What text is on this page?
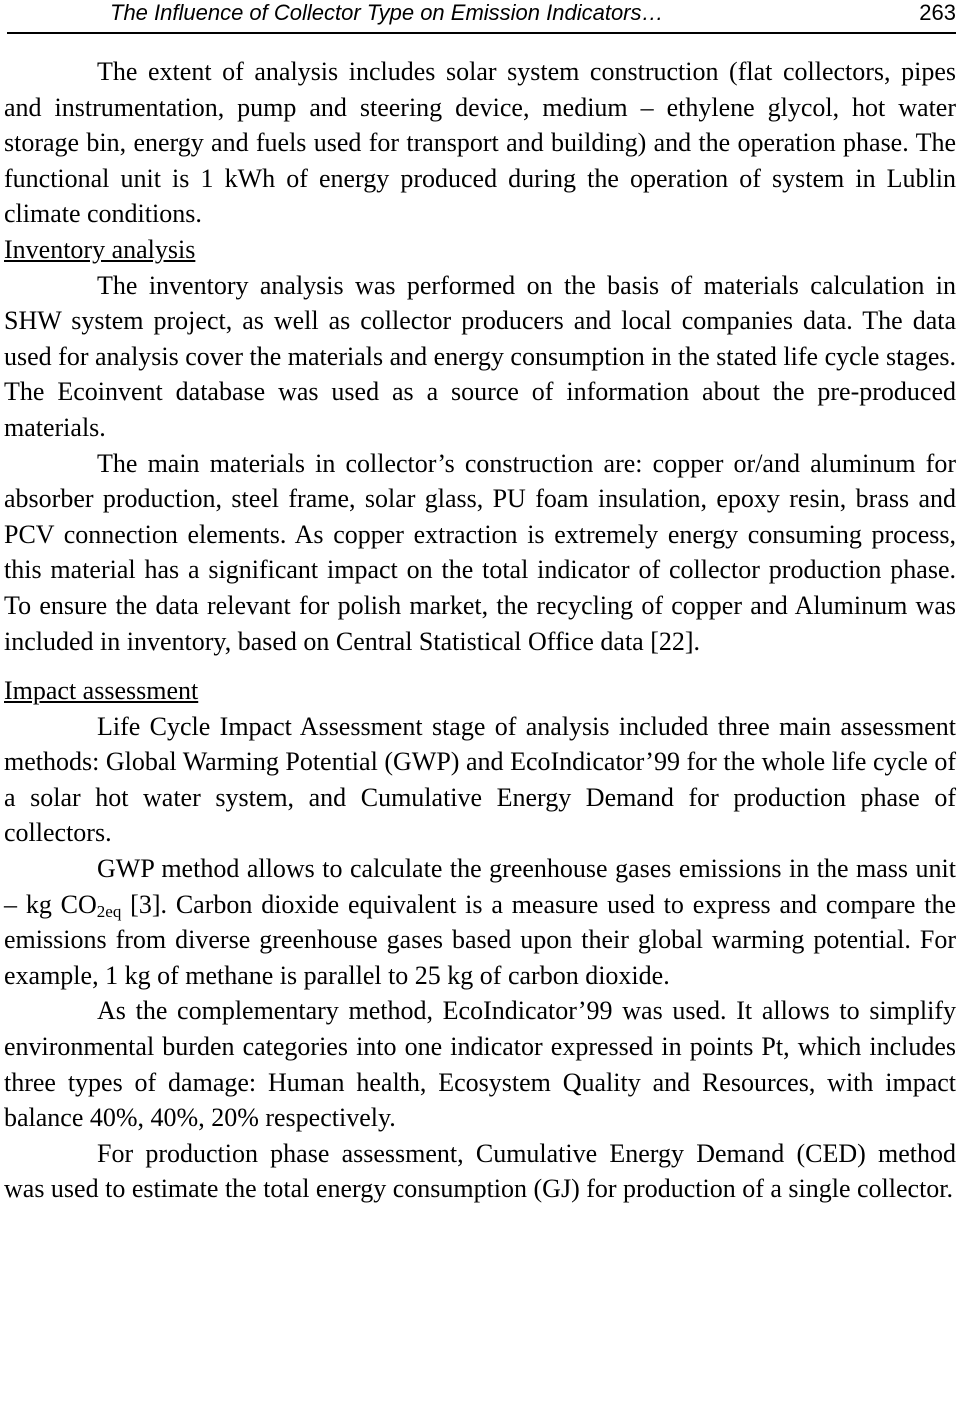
The Influence of Collector Type on Emission Indicators…	263

The extent of analysis includes solar system construction (flat collectors, pipes and instrumentation, pump and steering device, medium – ethylene glycol, hot water storage bin, energy and fuels used for transport and building) and the operation phase. The functional unit is 1 kWh of energy produced during the operation of system in Lublin climate conditions.

Inventory analysis

The inventory analysis was performed on the basis of materials calculation in SHW system project, as well as collector producers and local companies data. The data used for analysis cover the materials and energy consumption in the stated life cycle stages. The Ecoinvent database was used as a source of information about the pre-produced materials.

The main materials in collector’s construction are: copper or/and aluminum for absorber production, steel frame, solar glass, PU foam insulation, epoxy resin, brass and PCV connection elements. As copper extraction is extremely energy consuming process, this material has a significant impact on the total indicator of collector production phase. To ensure the data relevant for polish market, the recycling of copper and Aluminum was included in inventory, based on Central Statistical Office data [22].

Impact assessment

Life Cycle Impact Assessment stage of analysis included three main assessment methods: Global Warming Potential (GWP) and EcoIndicator’99 for the whole life cycle of a solar hot water system, and Cumulative Energy Demand for production phase of collectors.

GWP method allows to calculate the greenhouse gases emissions in the mass unit – kg $CO_{2eq}$ [3]. Carbon dioxide equivalent is a measure used to express and compare the emissions from diverse greenhouse gases based upon their global warming potential. For example, 1 kg of methane is parallel to 25 kg of carbon dioxide.

As the complementary method, EcoIndicator’99 was used. It allows to simplify environmental burden categories into one indicator expressed in points Pt, which includes three types of damage: Human health, Ecosystem Quality and Resources, with impact balance 40%, 40%, 20% respectively.

For production phase assessment, Cumulative Energy Demand (CED) method was used to estimate the total energy consumption (GJ) for production of a single collector.
